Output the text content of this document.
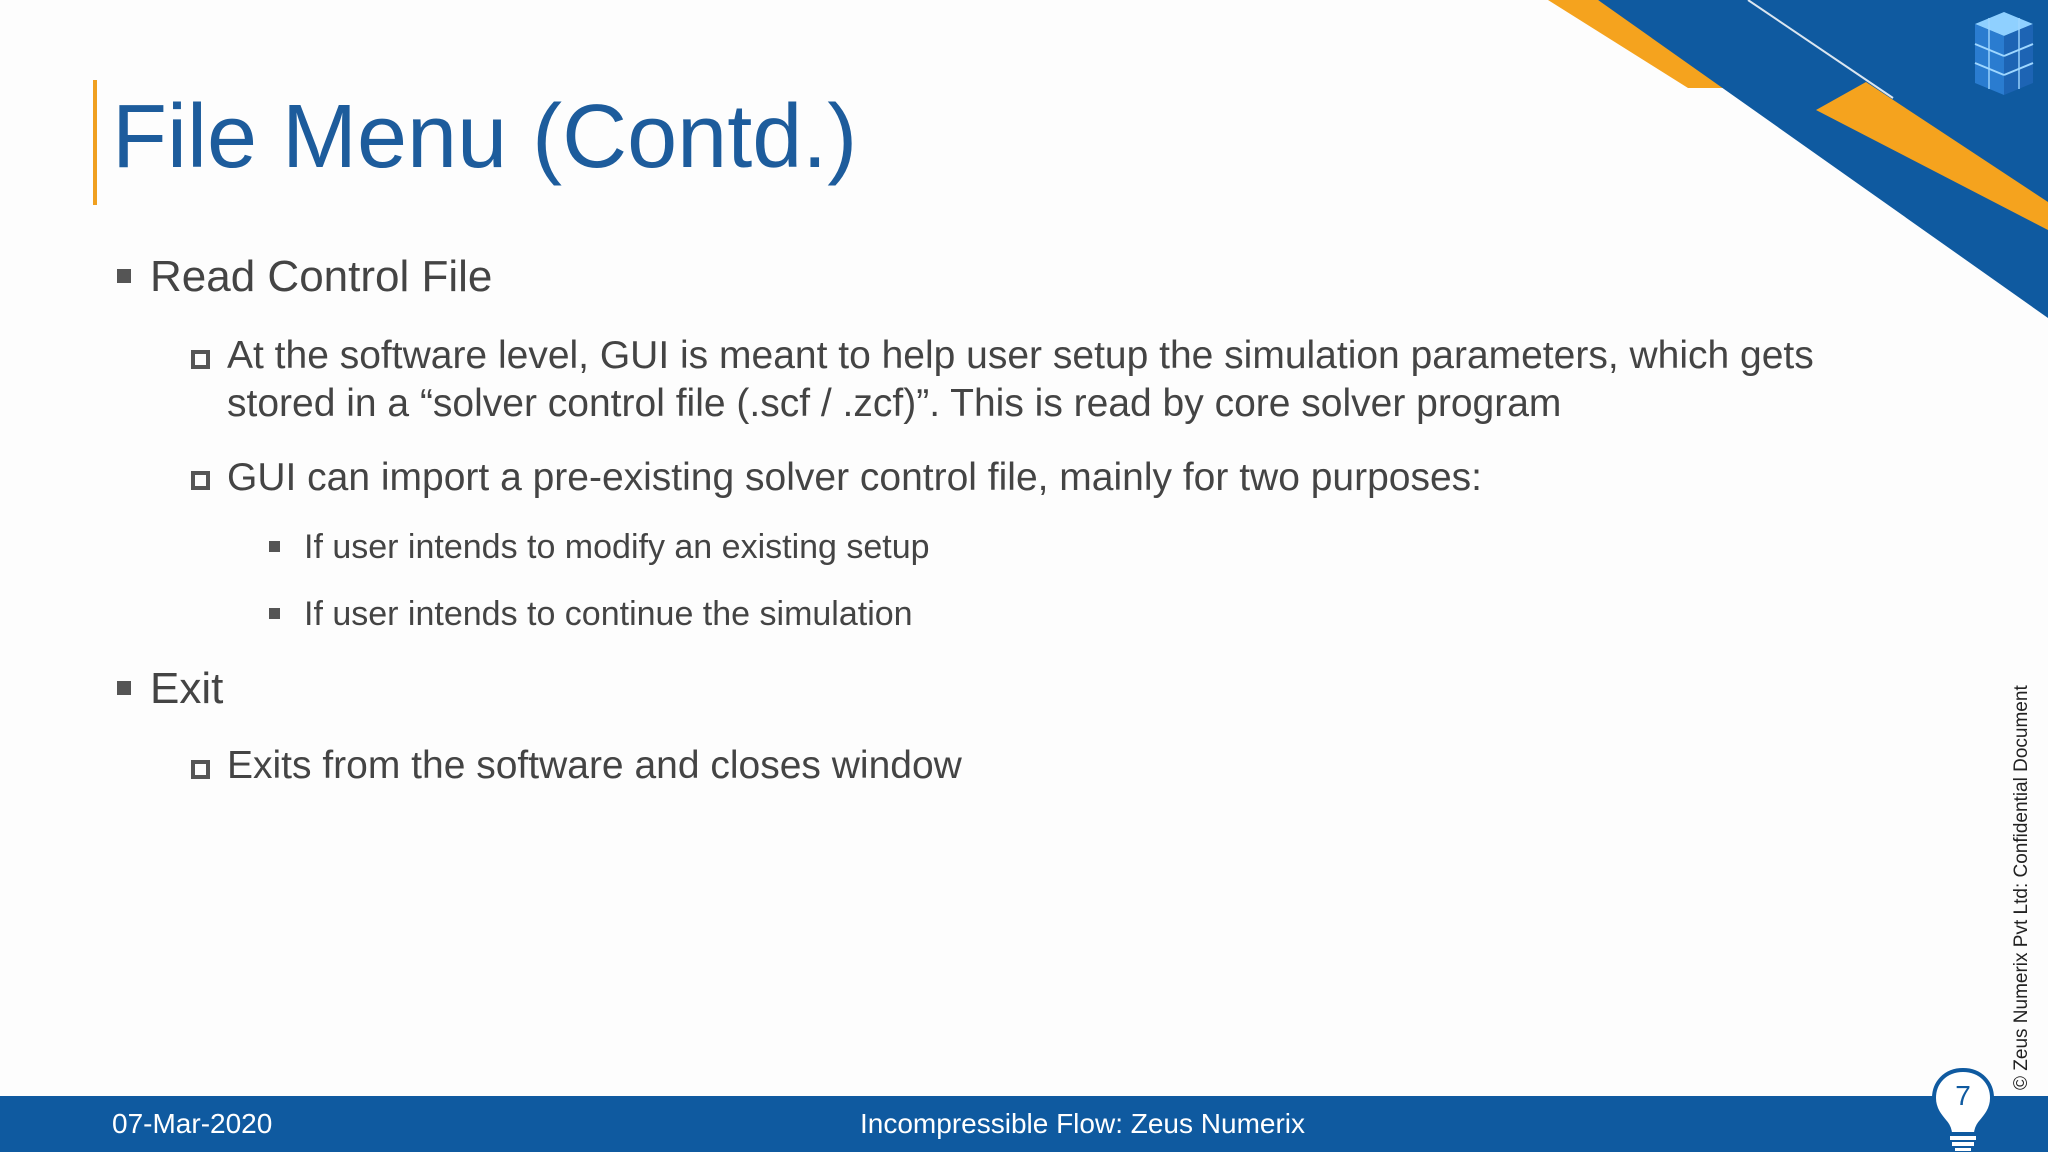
File Menu (Contd.)
Read Control File
At the software level, GUI is meant to help user setup the simulation parameters, which gets
stored in a “solver control file (.scf / .zcf)”. This is read by core solver program
GUI can import a pre-existing solver control file, mainly for two purposes:
If user intends to modify an existing setup
If user intends to continue the simulation
Exit
Exits from the software and closes window	© Zeus Numerix Pvt Ltd: Confidential Document
07-Mar-2020	Incompressible Flow: Zeus Numerix
7
